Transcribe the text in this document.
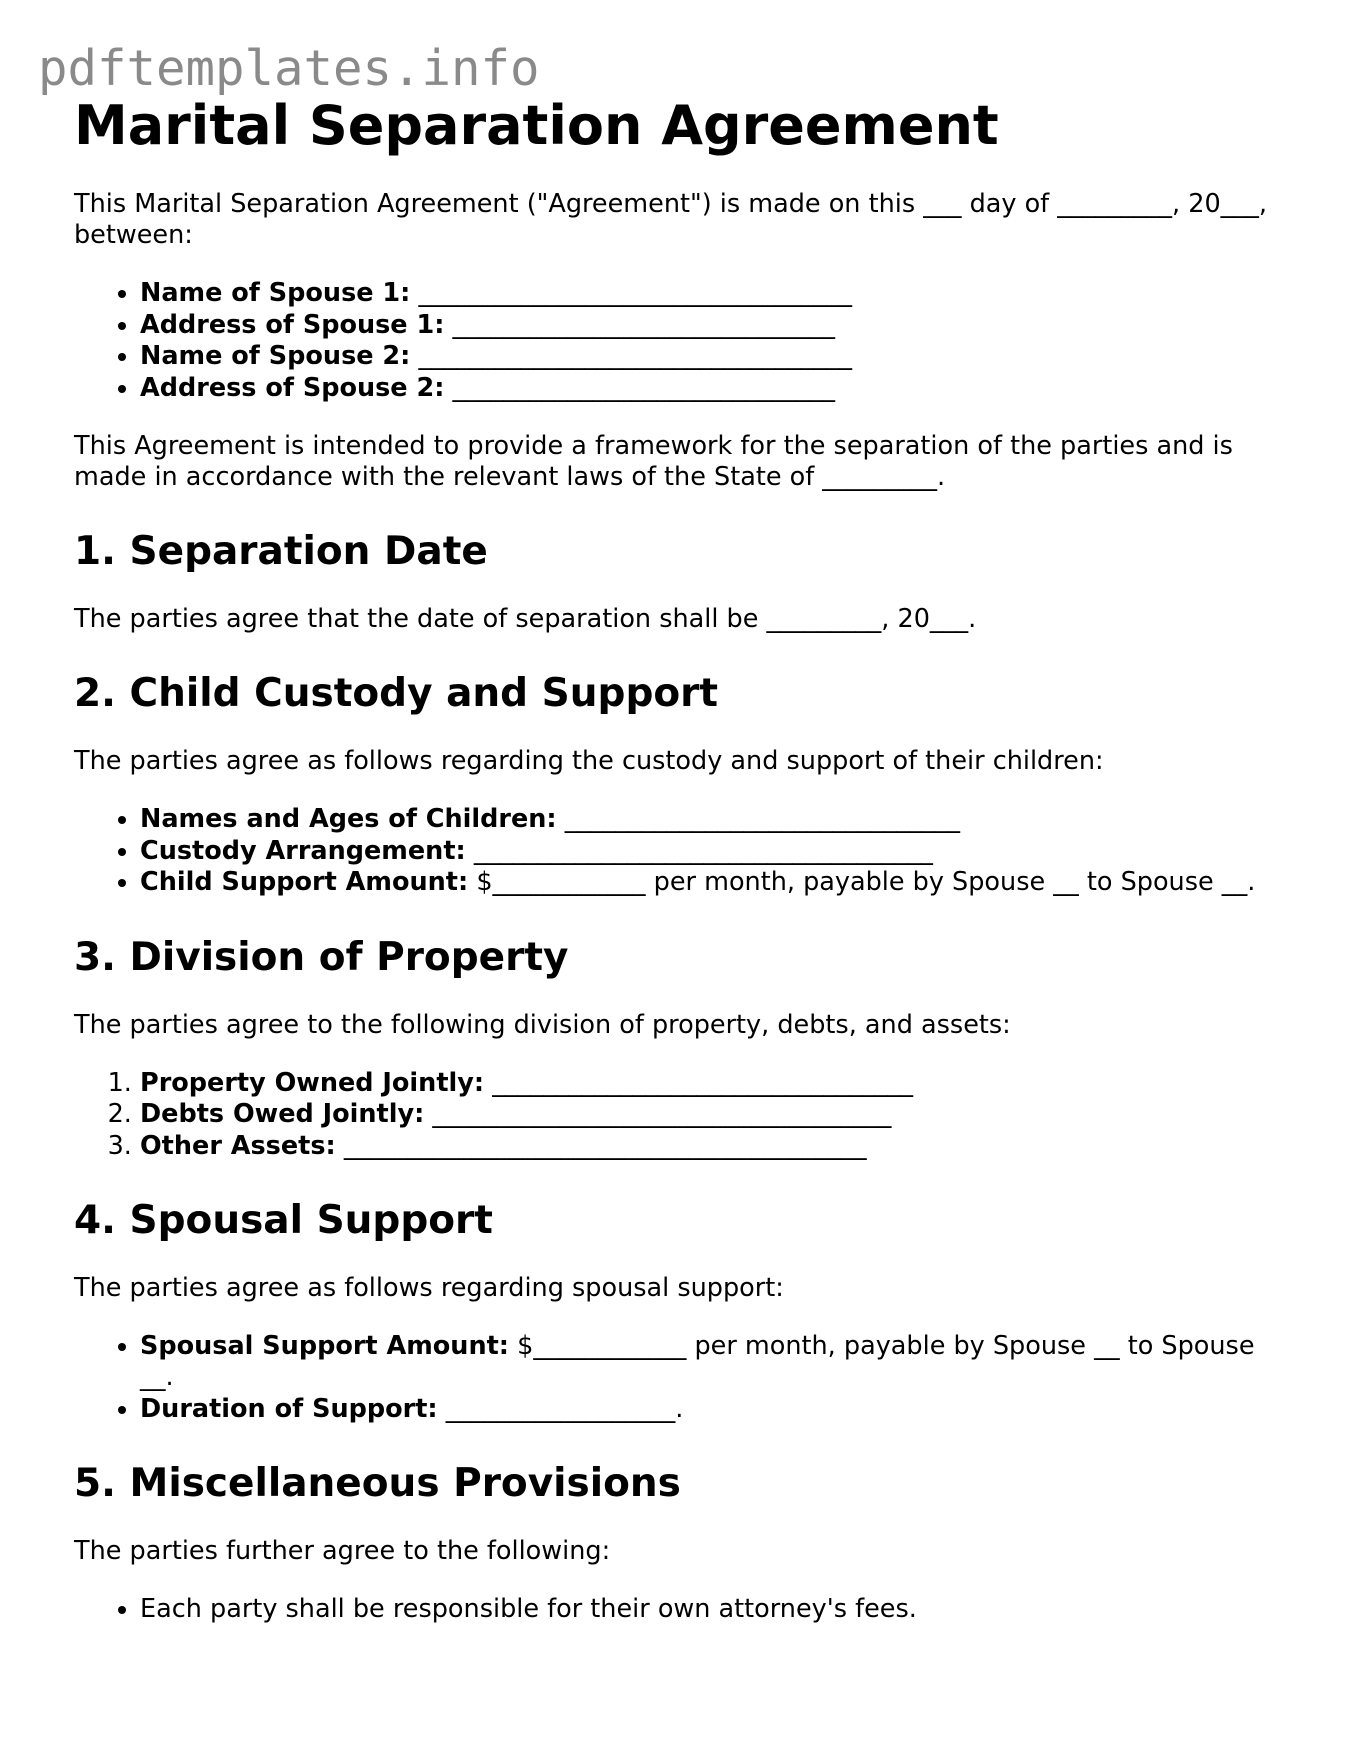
pdftemplates.info
Marital Separation Agreement

This Marital Separation Agreement ("Agreement") is made on this ___ day of _________, 20___, between:

• Name of Spouse 1: __________________________________
• Address of Spouse 1: ______________________________
• Name of Spouse 2: __________________________________
• Address of Spouse 2: ______________________________

This Agreement is intended to provide a framework for the separation of the parties and is made in accordance with the relevant laws of the State of _________.

1. Separation Date

The parties agree that the date of separation shall be _________, 20___.

2. Child Custody and Support

The parties agree as follows regarding the custody and support of their children:

• Names and Ages of Children: _______________________________
• Custody Arrangement: ____________________________________
• Child Support Amount: $____________ per month, payable by Spouse __ to Spouse __.
3. Division of Property

The parties agree to the following division of property, debts, and assets:

1. Property Owned Jointly: _________________________________
2. Debts Owed Jointly: ____________________________________
3. Other Assets: _________________________________________
4. Spousal Support

The parties agree as follows regarding spousal support:

• Spousal Support Amount: $____________ per month, payable by Spouse __ to Spouse __.
• Duration of Support: __________________.
5. Miscellaneous Provisions

The parties further agree to the following:

• Each party shall be responsible for their own attorney's fees.
